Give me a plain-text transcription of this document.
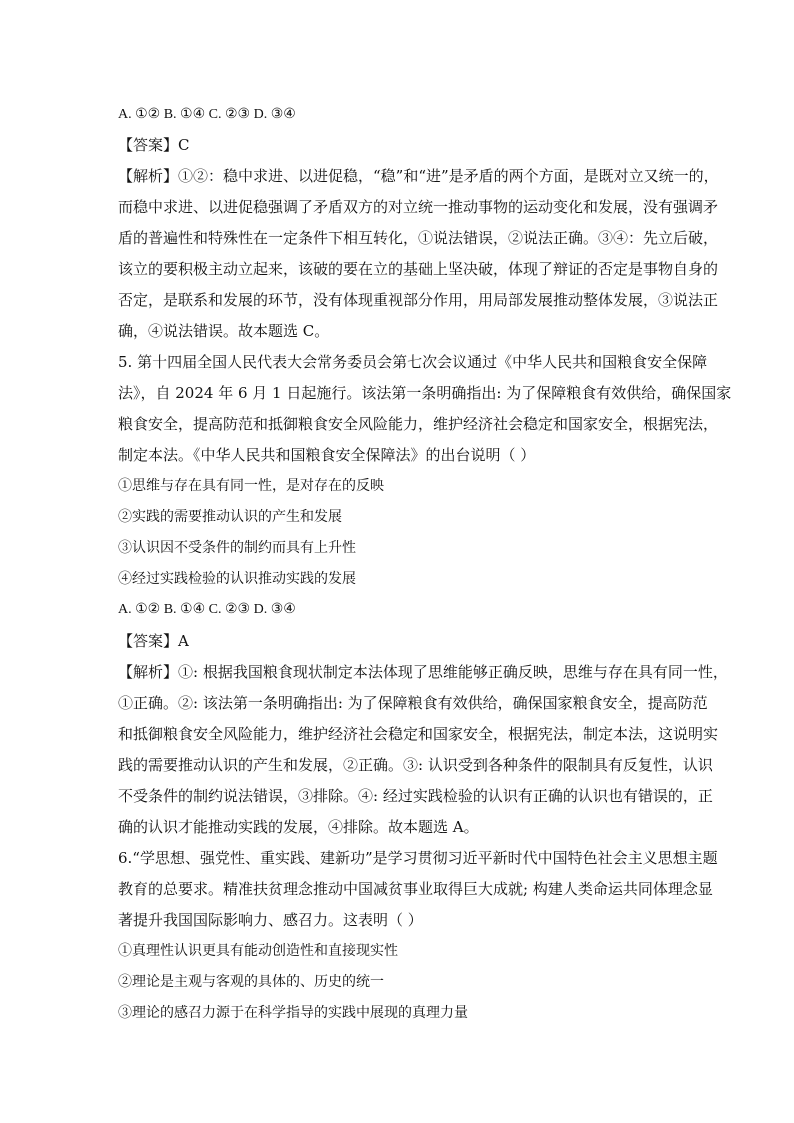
A. ①② B. ①④ C. ②③ D. ③④
【答案】C
【解析】①②：稳中求进、以进促稳，“稳”和“进”是矛盾的两个方面，是既对立又统一的，
而稳中求进、以进促稳强调了矛盾双方的对立统一推动事物的运动变化和发展，没有强调矛
盾的普遍性和特殊性在一定条件下相互转化，①说法错误，②说法正确。③④：先立后破，
该立的要积极主动立起来，该破的要在立的基础上坚决破，体现了辩证的否定是事物自身的
否定，是联系和发展的环节，没有体现重视部分作用，用局部发展推动整体发展，③说法正
确，④说法错误。故本题选 C。
5. 第十四届全国人民代表大会常务委员会第七次会议通过《中华人民共和国粮食安全保障
法》，自 2024 年 6 月 1 日起施行。该法第一条明确指出: 为了保障粮食有效供给，确保国家
粮食安全，提高防范和抵御粮食安全风险能力，维护经济社会稳定和国家安全，根据宪法，
制定本法。《中华人民共和国粮食安全保障法》的出台说明（ ）
①思维与存在具有同一性，是对存在的反映
②实践的需要推动认识的产生和发展
③认识因不受条件的制约而具有上升性
④经过实践检验的认识推动实践的发展
A. ①② B. ①④ C. ②③ D. ③④
【答案】A
【解析】①: 根据我国粮食现状制定本法体现了思维能够正确反映，思维与存在具有同一性，
①正确。②: 该法第一条明确指出: 为了保障粮食有效供给，确保国家粮食安全，提高防范
和抵御粮食安全风险能力，维护经济社会稳定和国家安全，根据宪法，制定本法，这说明实
践的需要推动认识的产生和发展，②正确。③: 认识受到各种条件的限制具有反复性，认识
不受条件的制约说法错误，③排除。④: 经过实践检验的认识有正确的认识也有错误的，正
确的认识才能推动实践的发展，④排除。故本题选 A。
6.“学思想、强党性、重实践、建新功”是学习贯彻习近平新时代中国特色社会主义思想主题
教育的总要求。精准扶贫理念推动中国减贫事业取得巨大成就; 构建人类命运共同体理念显
著提升我国国际影响力、感召力。这表明（ ）
①真理性认识更具有能动创造性和直接现实性
②理论是主观与客观的具体的、历史的统一
③理论的感召力源于在科学指导的实践中展现的真理力量
